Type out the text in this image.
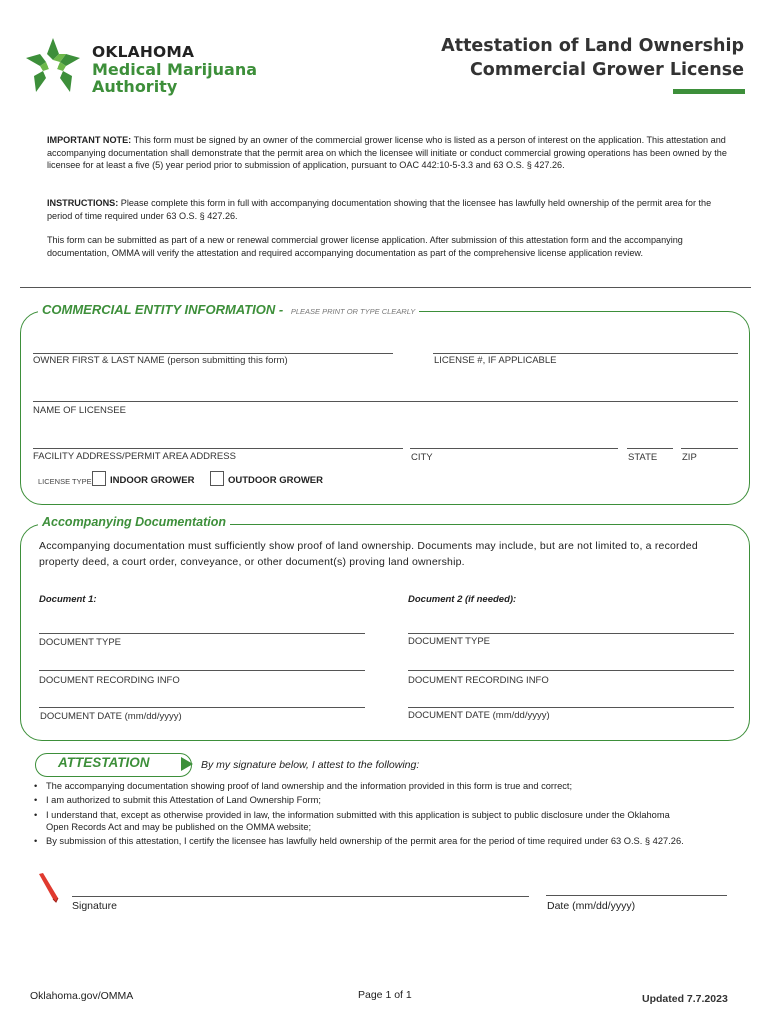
OKLAHOMA
Medical Marijuana
Authority
Attestation of Land Ownership
Commercial Grower License
IMPORTANT NOTE: This form must be signed by an owner of the commercial grower license who is listed as a person of interest on the application. This attestation and accompanying documentation shall demonstrate that the permit area on which the licensee will initiate or conduct commercial growing operations has been owned by the licensee for at least a five (5) year period prior to submission of application, pursuant to OAC 442:10-5-3.3 and 63 O.S. § 427.26.
INSTRUCTIONS: Please complete this form in full with accompanying documentation showing that the licensee has lawfully held ownership of the permit area for the period of time required under 63 O.S. § 427.26.
This form can be submitted as part of a new or renewal commercial grower license application. After submission of this attestation form and the accompanying documentation, OMMA will verify the attestation and required accompanying documentation as part of the comprehensive license application review.
COMMERCIAL ENTITY INFORMATION - PLEASE PRINT OR TYPE CLEARLY
OWNER FIRST & LAST NAME (person submitting this form)	LICENSE #, IF APPLICABLE
NAME OF LICENSEE
FACILITY ADDRESS/PERMIT AREA ADDRESS	CITY	STATE	ZIP
LICENSE TYPE INDOOR GROWER	OUTDOOR GROWER
Accompanying Documentation
Accompanying documentation must sufficiently show proof of land ownership. Documents may include, but are not limited to, a recorded property deed, a court order, conveyance, or other document(s) proving land ownership.
Document 1:	Document 2 (if needed):
DOCUMENT TYPE	DOCUMENT TYPE
DOCUMENT RECORDING INFO	DOCUMENT RECORDING INFO
DOCUMENT DATE (mm/dd/yyyy)	DOCUMENT DATE (mm/dd/yyyy)
ATTESTATION	By my signature below, I attest to the following:
• The accompanying documentation showing proof of land ownership and the information provided in this form is true and correct;
• I am authorized to submit this Attestation of Land Ownership Form;
• I understand that, except as otherwise provided in law, the information submitted with this application is subject to public disclosure under the Oklahoma Open Records Act and may be published on the OMMA website;
• By submission of this attestation, I certify the licensee has lawfully held ownership of the permit area for the period of time required under 63 O.S. § 427.26.
Signature	Date (mm/dd/yyyy)
Oklahoma.gov/OMMA	Page 1 of 1	Updated 7.7.2023
